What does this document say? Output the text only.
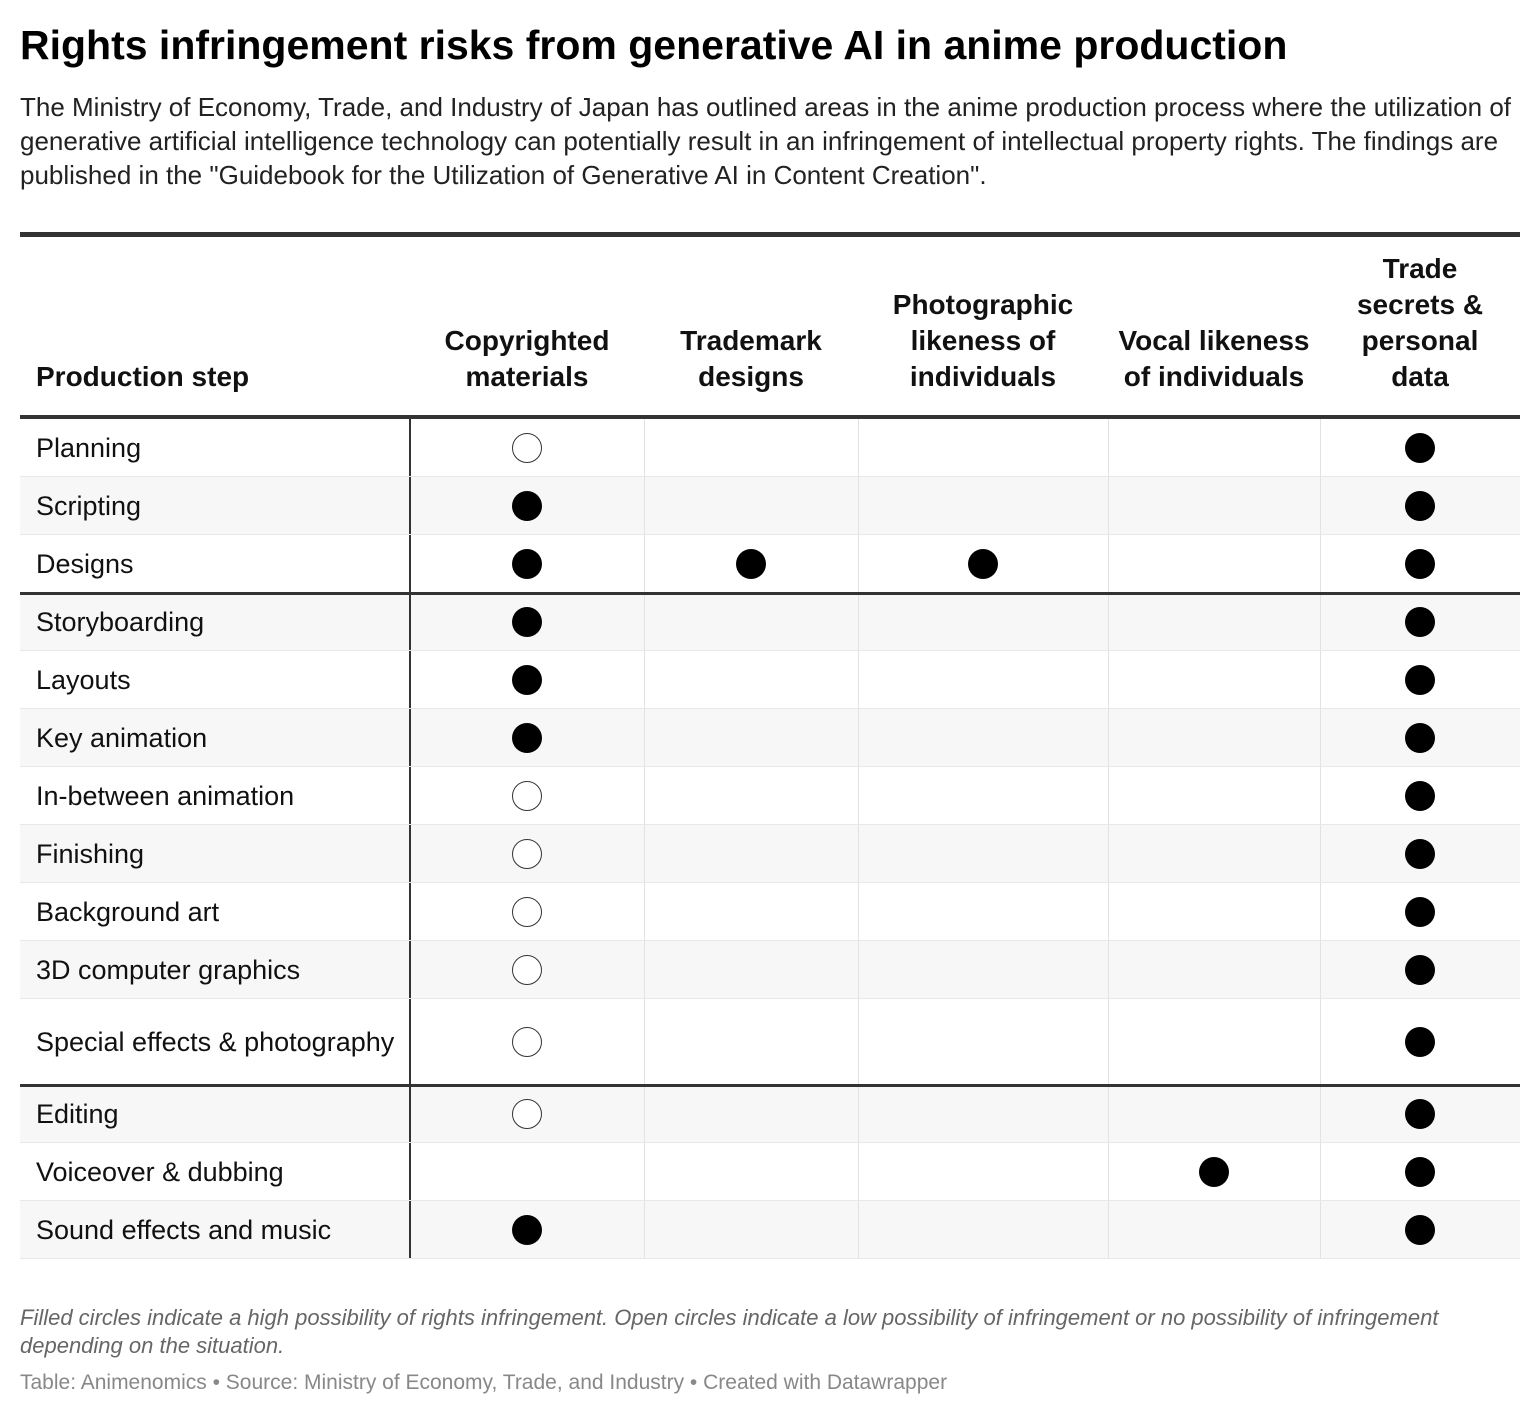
Rights infringement risks from generative AI in anime production
The Ministry of Economy, Trade, and Industry of Japan has outlined areas in the anime production process where the utilization of generative artificial intelligence technology can potentially result in an infringement of intellectual property rights. The findings are published in the "Guidebook for the Utilization of Generative AI in Content Creation".
Production step
Copyrighted materials
Trademark designs
Photographic likeness of individuals
Vocal likeness of individuals
Trade secrets & personal data
Planning
Scripting
Designs
Storyboarding
Layouts
Key animation
In-between animation
Finishing
Background art
3D computer graphics
Special effects & photography
Editing
Voiceover & dubbing
Sound effects and music
Filled circles indicate a high possibility of rights infringement. Open circles indicate a low possibility of infringement or no possibility of infringement depending on the situation.
Table: Animenomics • Source: Ministry of Economy, Trade, and Industry • Created with Datawrapper
